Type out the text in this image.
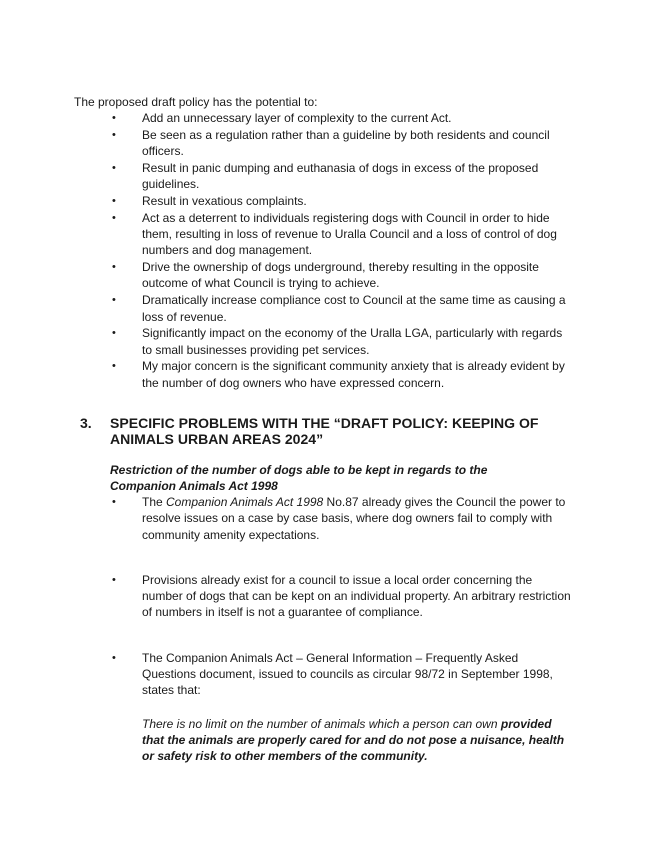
The proposed draft policy has the potential to:

• Add an unnecessary layer of complexity to the current Act.
• Be seen as a regulation rather than a guideline by both residents and council officers.
• Result in panic dumping and euthanasia of dogs in excess of the proposed guidelines.
• Result in vexatious complaints.
• Act as a deterrent to individuals registering dogs with Council in order to hide them, resulting in loss of revenue to Uralla Council and a loss of control of dog numbers and dog management.
• Drive the ownership of dogs underground, thereby resulting in the opposite outcome of what Council is trying to achieve.
• Dramatically increase compliance cost to Council at the same time as causing a loss of revenue.
• Significantly impact on the economy of the Uralla LGA, particularly with regards to small businesses providing pet services.
• My major concern is the significant community anxiety that is already evident by the number of dog owners who have expressed concern.
3. SPECIFIC PROBLEMS WITH THE “DRAFT POLICY: KEEPING OF ANIMALS URBAN AREAS 2024”

Restriction of the number of dogs able to be kept in regards to the Companion Animals Act 1998

• The Companion Animals Act 1998 No.87 already gives the Council the power to resolve issues on a case by case basis, where dog owners fail to comply with community amenity expectations.
• Provisions already exist for a council to issue a local order concerning the number of dogs that can be kept on an individual property. An arbitrary restriction of numbers in itself is not a guarantee of compliance.
• The Companion Animals Act – General Information – Frequently Asked Questions document, issued to councils as circular 98/72 in September 1998, states that:
There is no limit on the number of animals which a person can own provided that the animals are properly cared for and do not pose a nuisance, health or safety risk to other members of the community.
